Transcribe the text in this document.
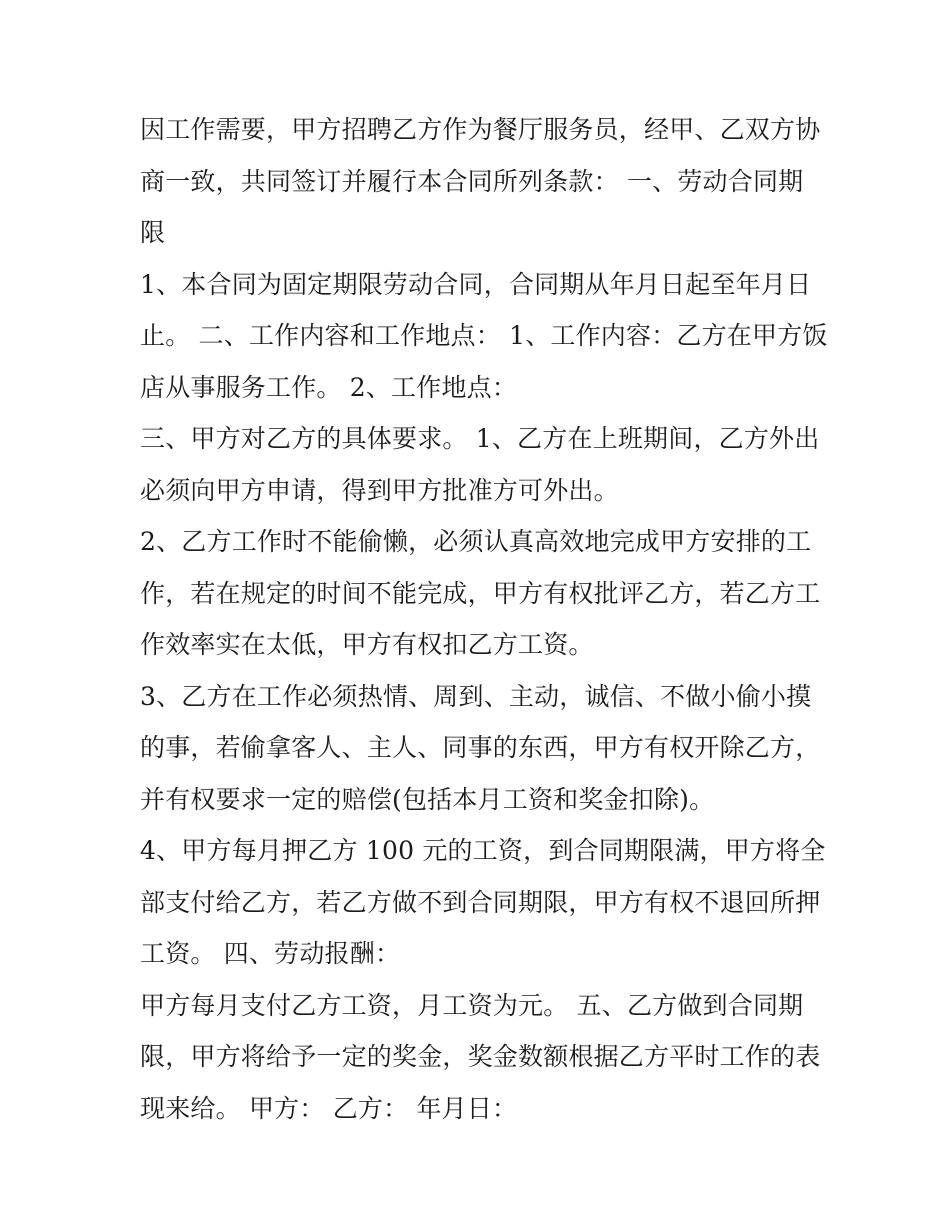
因工作需要，甲方招聘乙方作为餐厅服务员，经甲、乙双方协
商一致，共同签订并履行本合同所列条款： 一、劳动合同期
限
1、本合同为固定期限劳动合同，合同期从年月日起至年月日
止。 二、工作内容和工作地点： 1、工作内容：乙方在甲方饭
店从事服务工作。 2、工作地点：
三、甲方对乙方的具体要求。 1、乙方在上班期间，乙方外出
必须向甲方申请，得到甲方批准方可外出。
2、乙方工作时不能偷懒，必须认真高效地完成甲方安排的工
作，若在规定的时间不能完成，甲方有权批评乙方，若乙方工
作效率实在太低，甲方有权扣乙方工资。
3、乙方在工作必须热情、周到、主动，诚信、不做小偷小摸
的事，若偷拿客人、主人、同事的东西，甲方有权开除乙方，
并有权要求一定的赔偿(包括本月工资和奖金扣除)。
4、甲方每月押乙方 100 元的工资，到合同期限满，甲方将全
部支付给乙方，若乙方做不到合同期限，甲方有权不退回所押
工资。 四、劳动报酬：
甲方每月支付乙方工资，月工资为元。 五、乙方做到合同期
限，甲方将给予一定的奖金，奖金数额根据乙方平时工作的表
现来给。 甲方： 乙方： 年月日：
